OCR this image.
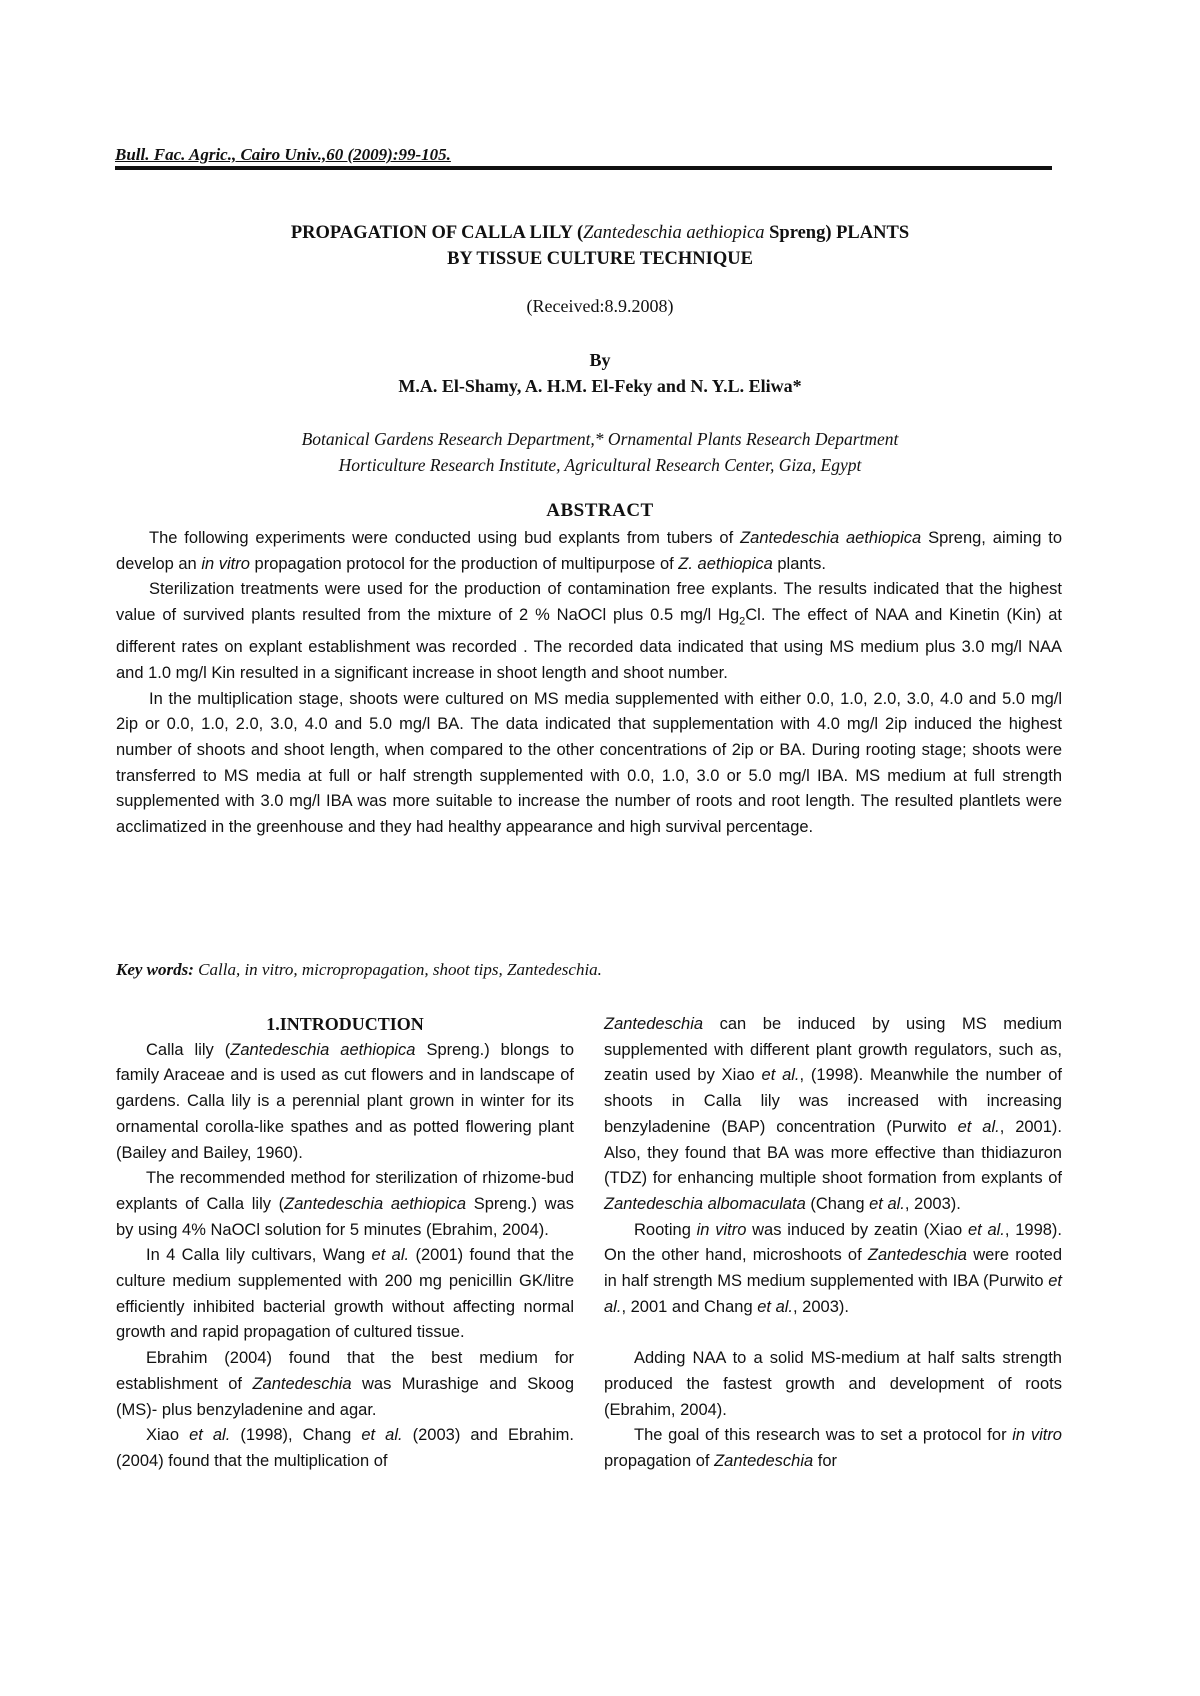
Bull. Fac. Agric., Cairo Univ.,60 (2009):99-105.
PROPAGATION OF CALLA LILY (Zantedeschia aethiopica Spreng) PLANTS
BY TISSUE CULTURE TECHNIQUE
(Received:8.9.2008)
By
M.A. El-Shamy, A. H.M. El-Feky and N. Y.L. Eliwa*
Botanical Gardens Research Department,* Ornamental Plants Research Department
Horticulture Research Institute, Agricultural Research Center, Giza, Egypt
ABSTRACT

The following experiments were conducted using bud explants from tubers of Zantedeschia aethiopica Spreng, aiming to develop an in vitro propagation protocol for the production of multipurpose of Z. aethiopica plants.

Sterilization treatments were used for the production of contamination free explants. The results indicated that the highest value of survived plants resulted from the mixture of 2 % NaOCl plus 0.5 mg/l $Hg_2Cl$. The effect of NAA and Kinetin (Kin) at different rates on explant establishment was recorded . The recorded data indicated that using MS medium plus 3.0 mg/l NAA and 1.0 mg/l Kin resulted in a significant increase in shoot length and shoot number.

In the multiplication stage, shoots were cultured on MS media supplemented with either 0.0, 1.0, 2.0, 3.0, 4.0 and 5.0 mg/l 2ip or 0.0, 1.0, 2.0, 3.0, 4.0 and 5.0 mg/l BA. The data indicated that supplementation with 4.0 mg/l 2ip induced the highest number of shoots and shoot length, when compared to the other concentrations of 2ip or BA. During rooting stage; shoots were transferred to MS media at full or half strength supplemented with 0.0, 1.0, 3.0 or 5.0 mg/l IBA. MS medium at full strength supplemented with 3.0 mg/l IBA was more suitable to increase the number of roots and root length. The resulted plantlets were acclimatized in the greenhouse and they had healthy appearance and high survival percentage.

Key words: Calla, in vitro, micropropagation, shoot tips, Zantedeschia.
1.INTRODUCTION

Calla lily (Zantedeschia aethiopica Spreng.) blongs to family Araceae and is used as cut flowers and in landscape of gardens. Calla lily is a perennial plant grown in winter for its ornamental corolla-like spathes and as potted flowering plant (Bailey and Bailey, 1960).

The recommended method for sterilization of rhizome-bud explants of Calla lily (Zantedeschia aethiopica Spreng.) was by using 4% NaOCl solution for 5 minutes (Ebrahim, 2004).

In 4 Calla lily cultivars, Wang et al. (2001) found that the culture medium supplemented with 200 mg penicillin GK/litre efficiently inhibited bacterial growth without affecting normal growth and rapid propagation of cultured tissue.

Ebrahim (2004) found that the best medium for establishment of Zantedeschia was Murashige and Skoog (MS)- plus benzyladenine and agar.

Xiao et al. (1998), Chang et al. (2003) and Ebrahim. (2004) found that the multiplication of

Zantedeschia can be induced by using MS medium supplemented with different plant growth regulators, such as, zeatin used by Xiao et al., (1998). Meanwhile the number of shoots in Calla lily was increased with increasing benzyladenine (BAP) concentration (Purwito et al., 2001). Also, they found that BA was more effective than thidiazuron (TDZ) for enhancing multiple shoot formation from explants of Zantedeschia albomaculata (Chang et al., 2003).

Rooting in vitro was induced by zeatin (Xiao et al., 1998). On the other hand, microshoots of Zantedeschia were rooted in half strength MS medium supplemented with IBA (Purwito et al., 2001 and Chang et al., 2003).

Adding NAA to a solid MS-medium at half salts strength produced the fastest growth and development of roots (Ebrahim, 2004).

The goal of this research was to set a protocol for in vitro propagation of Zantedeschia for
